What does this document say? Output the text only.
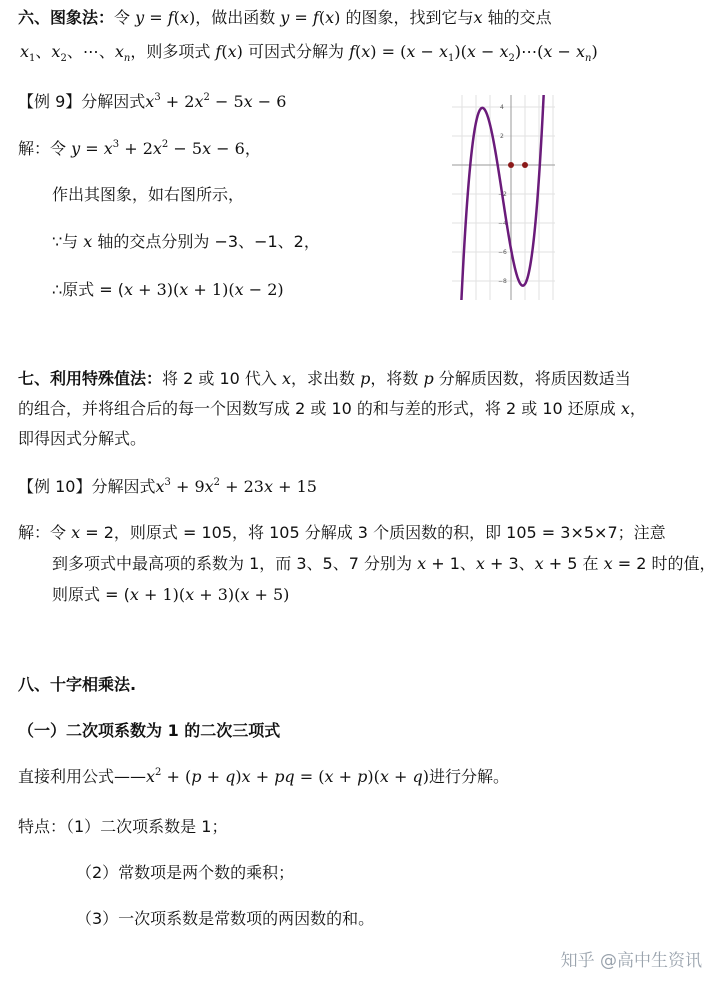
六、图象法：令 y = f(x)，做出函数 y = f(x) 的图象，找到它与x 轴的交点
$x_1$、$x_2$、⋯、$x_n$，则多项式 f(x) 可因式分解为 $f(x) = (x - x_1)(x$ − $x_2)\cdots(x - x_n)$
【例 9】分解因式$x^3 + 2x^2 - 5x - 6$
解：令 $y = x^3 + 2x^2 - 5x - 6$，
作出其图象，如右图所示，
∵与 x 轴的交点分别为 −3、−1、2，
∴原式 = (x + 3)(x + 1)(x − 2)
4
2
−2
−4
−6
−8
七、利用特殊值法：将 2 或 10 代入 x，求出数 p，将数 p 分解质因数，将质因数适当
的组合，并将组合后的每一个因数写成 2 或 10 的和与差的形式，将 2 或 10 还原成 x，
即得因式分解式。
【例 10】分解因式$x^3 + 9x^2 + 23x + 15$
解：令 x = 2，则原式 = 105，将 105 分解成 3 个质因数的积，即 105 = 3×5×7；注意
到多项式中最高项的系数为 1，而 3、5、7 分别为 x + 1、x + 3、x + 5 在 x = 2 时的值，
则原式 = (x + 1)(x + 3)(x + 5)
八、十字相乘法.
（一）二次项系数为 1 的二次三项式
直接利用公式$——x^2 + (p + q)x$ + pq = (x + p)(x + q)进行分解。
特点：（1）二次项系数是 1；
（2）常数项是两个数的乘积；
（3）一次项系数是常数项的两因数的和。
知乎 @高中生资讯
